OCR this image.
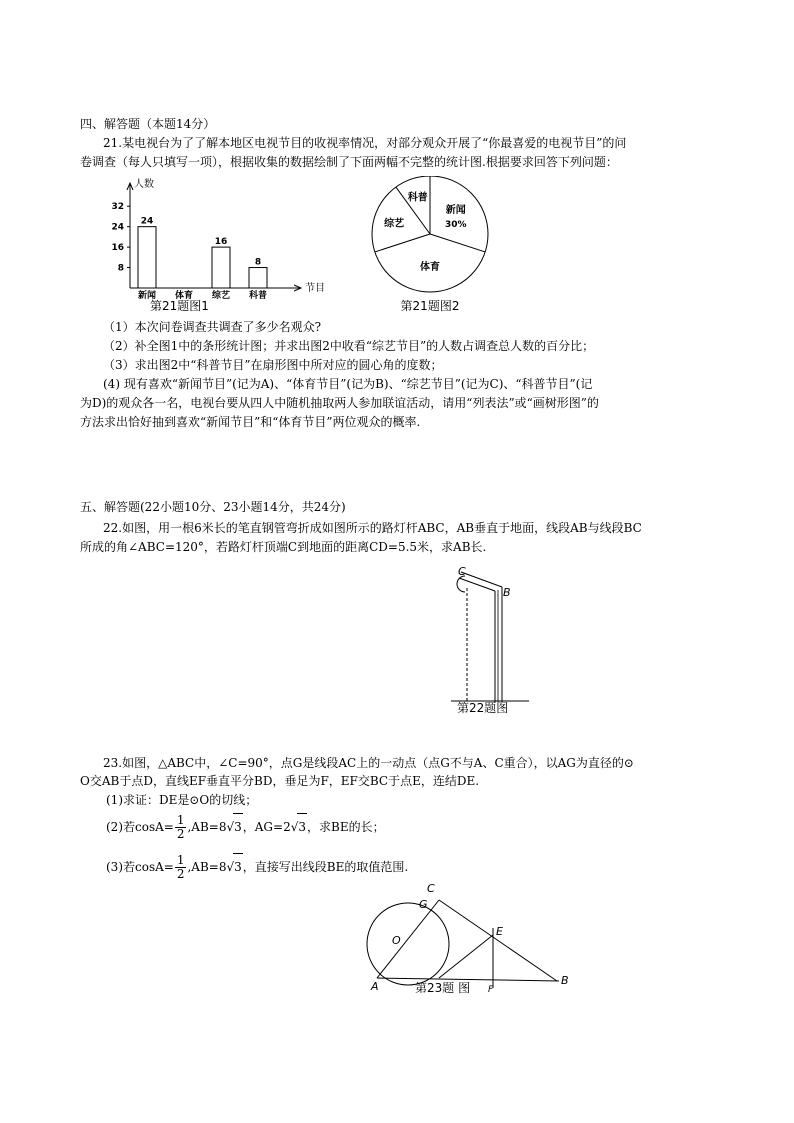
四、解答题（本题14分）
21.某电视台为了了解本地区电视节目的收视率情况，对部分观众开展了“你最喜爱的电视节目”的问
卷调查（每人只填写一项），根据收集的数据绘制了下面两幅不完整的统计图.根据要求回答下列问题：
人数
节目
8
16
24
32
24
新闻 体育
16
综艺
8
科普
第21题图1
新闻
体育
综艺
科普
30%
第21题图2
（1）本次问卷调查共调查了多少名观众?
（2）补全图1中的条形统计图；并求出图2中收看“综艺节目”的人数占调查总人数的百分比；
（3）求出图2中“科普节目”在扇形图中所对应的圆心角的度数；
(4) 现有喜欢“新闻节目”(记为A)、“体育节目”(记为B)、“综艺节目”(记为C)、“科普节目”(记
为D)的观众各一名，电视台要从四人中随机抽取两人参加联谊活动，请用“列表法”或“画树形图”的
方法求出恰好抽到喜欢“新闻节目”和“体育节目”两位观众的概率.
五、解答题(22小题10分、23小题14分，共24分)
22.如图，用一根6米长的笔直钢管弯折成如图所示的路灯杆ABC，AB垂直于地面，线段AB与线段BC
所成的角∠ABC=120°，若路灯杆顶端C到地面的距离CD=5.5米，求AB长.
C
B
第22题图
23.如图，△ABC中，∠C=90°，点G是线段AC上的一动点（点G不与A、C重合），以AG为直径的⊙
O交AB于点D，直线EF垂直平分BD，垂足为F，EF交BC于点E，连结DE.
(1)求证：DE是⊙O的切线；
(2)若$\cos A= \frac{1}{2} ,AB=8√3$，AG=2√3，求BE的长；
(3)若$\cos A= \frac{1}{2} ,AB=8√3$，直接写出线段BE的取值范围.
C
G
O
E
A	F
B
第23题 图
